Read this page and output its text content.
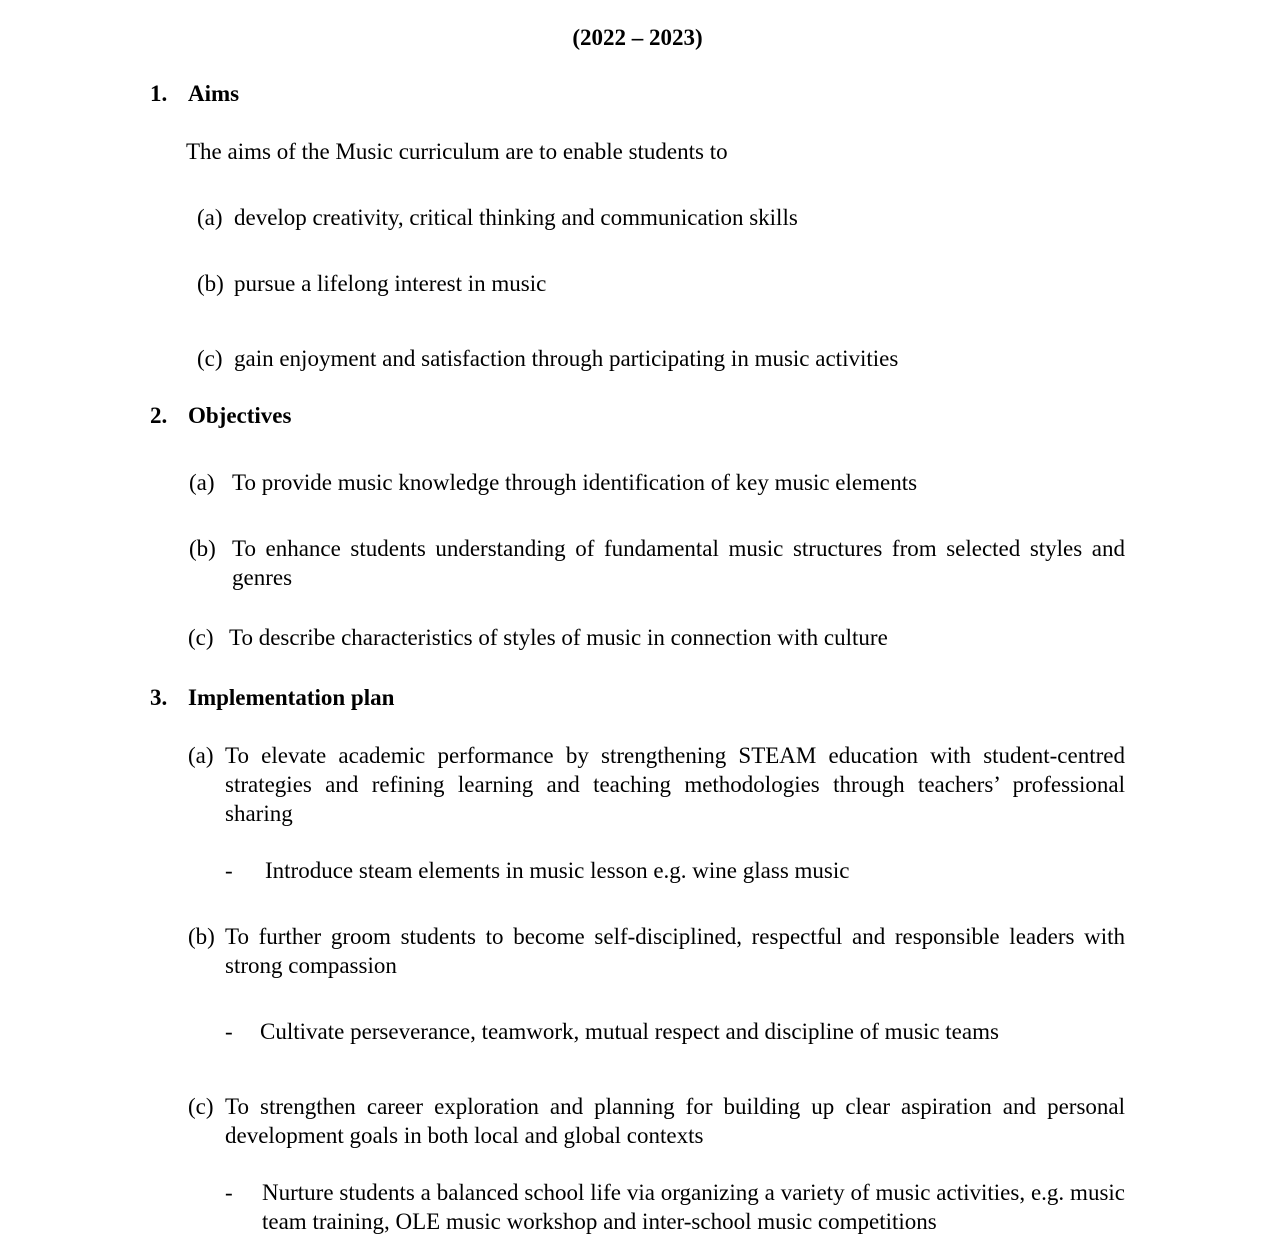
(2022 – 2023)
1. Aims
The aims of the Music curriculum are to enable students to
(a) develop creativity, critical thinking and communication skills
(b) pursue a lifelong interest in music
(c) gain enjoyment and satisfaction through participating in music activities
2. Objectives
(a) To provide music knowledge through identification of key music elements
(b) To enhance students understanding of fundamental music structures from selected styles and genres
(c) To describe characteristics of styles of music in connection with culture
3. Implementation plan
(a) To elevate academic performance by strengthening STEAM education with student-centred strategies and refining learning and teaching methodologies through teachers’ professional sharing
- Introduce steam elements in music lesson e.g. wine glass music
(b) To further groom students to become self-disciplined, respectful and responsible leaders with strong compassion
- Cultivate perseverance, teamwork, mutual respect and discipline of music teams
(c) To strengthen career exploration and planning for building up clear aspiration and personal development goals in both local and global contexts
- Nurture students a balanced school life via organizing a variety of music activities, e.g. music team training, OLE music workshop and inter-school music competitions
